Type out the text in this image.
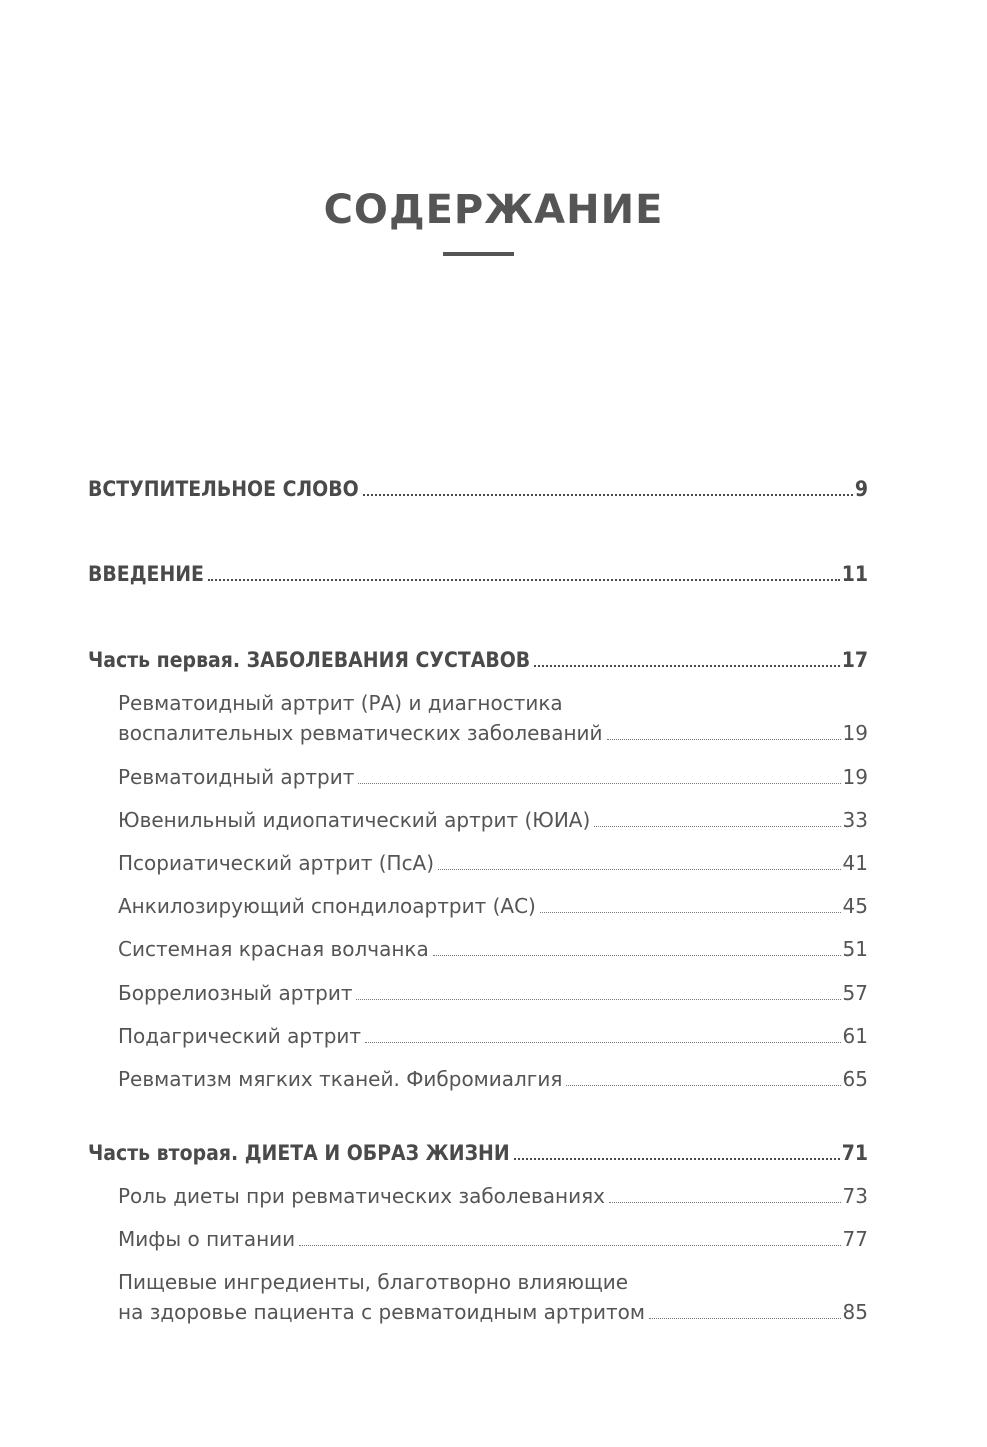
СОДЕРЖАНИЕ
ВСТУПИТЕЛЬНОЕ СЛОВО	9
ВВЕДЕНИЕ	11
Часть первая. ЗАБОЛЕВАНИЯ СУСТАВОВ	17
Ревматоидный артрит (РА) и диагностика
воспалительных ревматических заболеваний	19
Ревматоидный артрит	19
Ювенильный идиопатический артрит (ЮИА)	33
Псориатический артрит (ПсА)	41
Анкилозирующий спондилоартрит (АС)	45
Системная красная волчанка	51
Боррелиозный артрит	57
Подагрический артрит	61
Ревматизм мягких тканей. Фибромиалгия	65
Часть вторая. ДИЕТА И ОБРАЗ ЖИЗНИ	71
Роль диеты при ревматических заболеваниях	73
Мифы о питании	77
Пищевые ингредиенты, благотворно влияющие
на здоровье пациента с ревматоидным артритом	85
